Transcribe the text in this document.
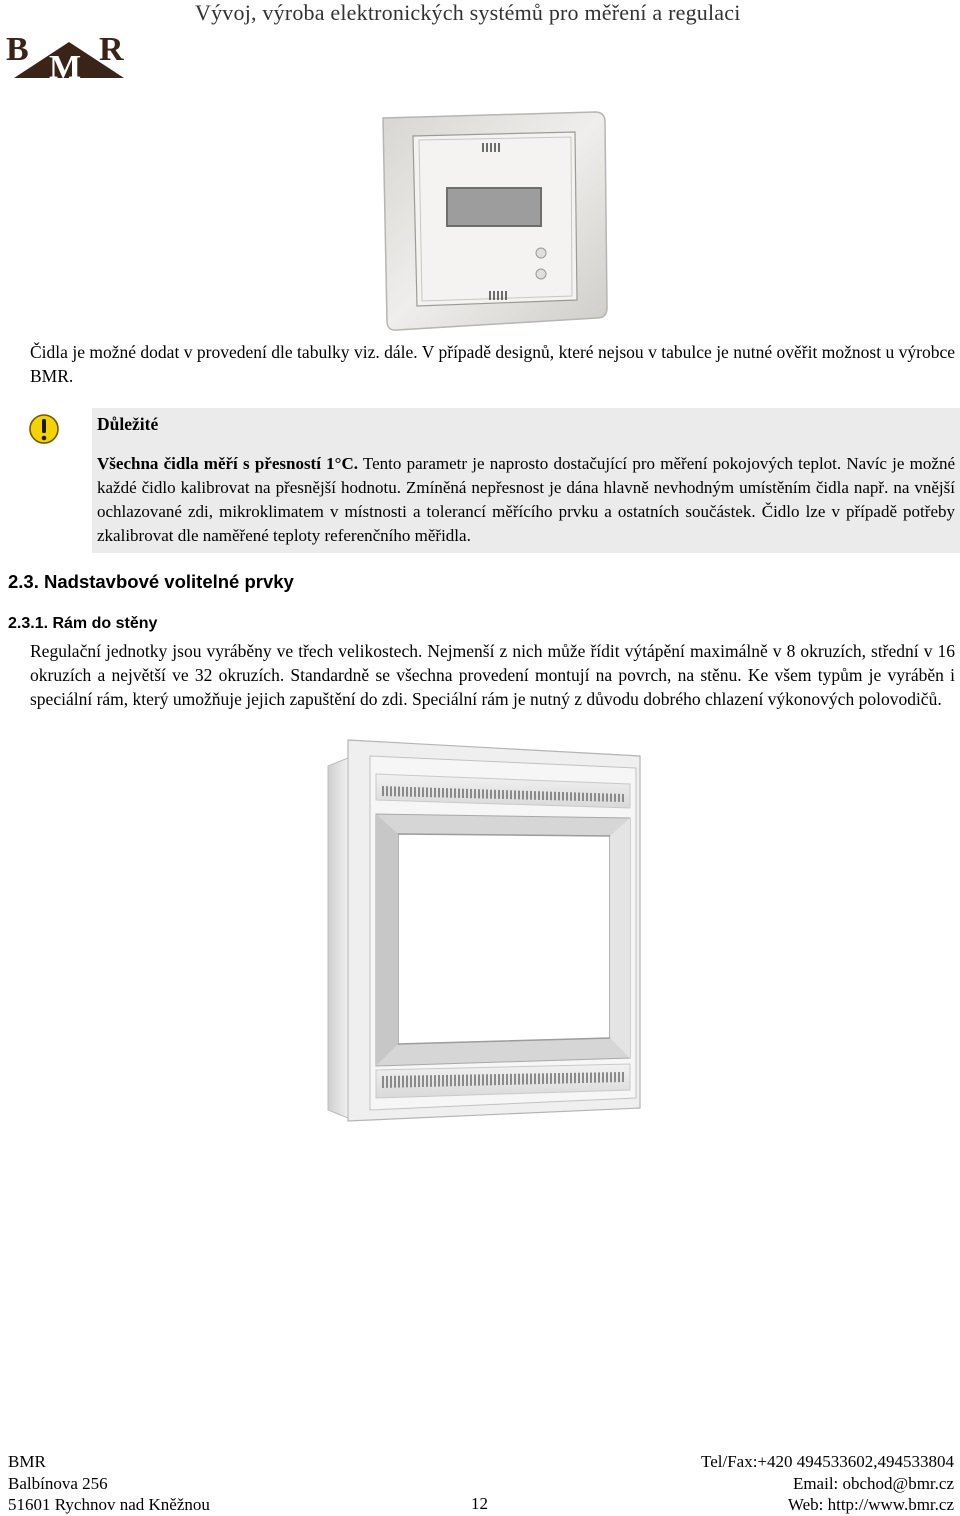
Vývoj, výroba elektronických systémů pro měření a regulaci
B R
M
Čidla je možné dodat v provedení dle tabulky viz. dále. V případě designů, které nejsou v tabulce je nutné ověřit možnost u výrobce BMR.
Důležité
Všechna čidla měří s přesností 1°C. Tento parametr je naprosto dostačující pro měření pokojových teplot. Navíc je možné každé čidlo kalibrovat na přesnější hodnotu. Zmíněná nepřesnost je dána hlavně nevhodným umístěním čidla např. na vnější ochlazované zdi, mikroklimatem v místnosti a tolerancí měřícího prvku a ostatních součástek. Čidlo lze v případě potřeby zkalibrovat dle naměřené teploty referenčního měřidla.
2.3. Nadstavbové volitelné prvky
2.3.1. Rám do stěny
Regulační jednotky jsou vyráběny ve třech velikostech. Nejmenší z nich může řídit výtápění maximálně v 8 okruzích, střední v 16 okruzích a největší ve 32 okruzích. Standardně se všechna provedení montují na povrch, na stěnu. Ke všem typům je vyráběn i speciální rám, který umožňuje jejich zapuštění do zdi. Speciální rám je nutný z důvodu dobrého chlazení výkonových polovodičů.
BMR
Balbínova 256
51601 Rychnov nad Kněžnou	12
Tel/Fax:+420 494533602,494533804
Email: obchod@bmr.cz
Web: http://www.bmr.cz
